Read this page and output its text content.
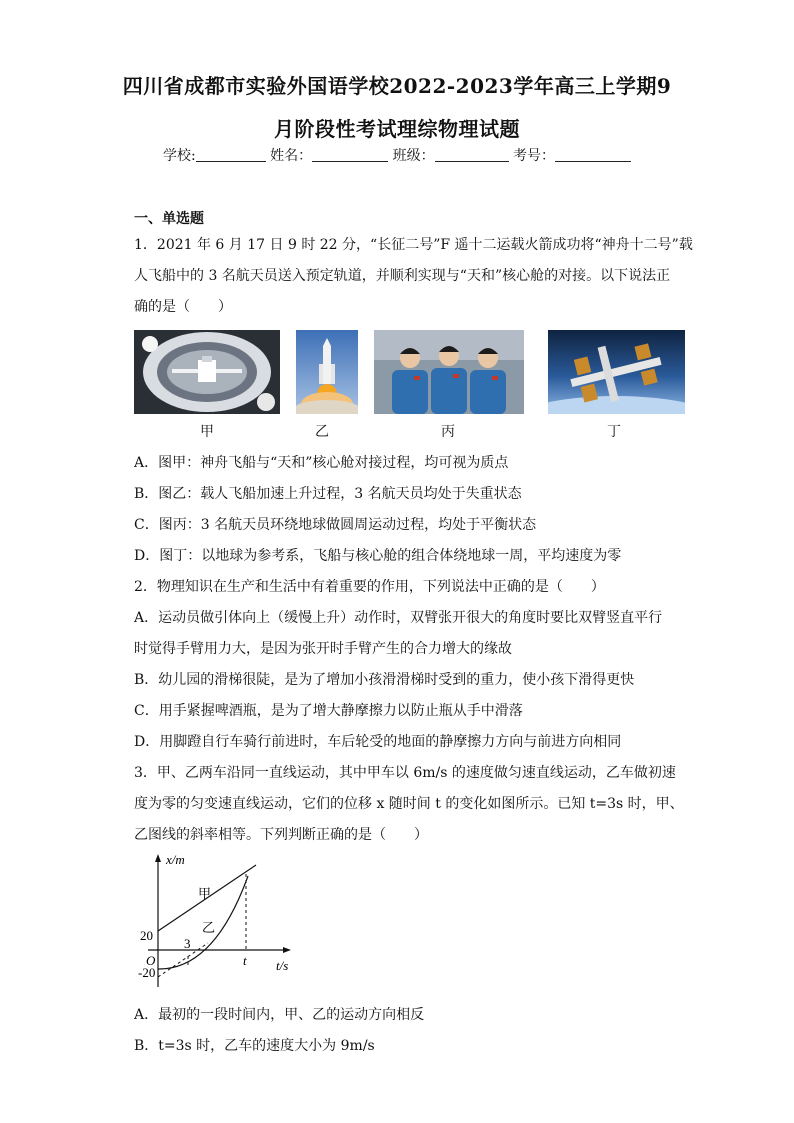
四川省成都市实验外国语学校2022-2023学年高三上学期9
月阶段性考试理综物理试题
学校:	姓名：	班级：	考号：
一、单选题
1．2021 年 6 月 17 日 9 时 22 分，“长征二号”F 遥十二运载火箭成功将“神舟十二号”载
人飞船中的 3 名航天员送入预定轨道，并顺利实现与“天和”核心舱的对接。以下说法正
确的是（　　）
甲	乙	丙	丁
A．图甲：神舟飞船与“天和”核心舱对接过程，均可视为质点
B．图乙：载人飞船加速上升过程，3 名航天员均处于失重状态
C．图丙：3 名航天员环绕地球做圆周运动过程，均处于平衡状态
D．图丁：以地球为参考系，飞船与核心舱的组合体绕地球一周，平均速度为零
2．物理知识在生产和生活中有着重要的作用，下列说法中正确的是（　　）
A．运动员做引体向上（缓慢上升）动作时，双臂张开很大的角度时要比双臂竖直平行
时觉得手臂用力大，是因为张开时手臂产生的合力增大的缘故
B．幼儿园的滑梯很陡，是为了增加小孩滑滑梯时受到的重力，使小孩下滑得更快
C．用手紧握啤酒瓶，是为了增大静摩擦力以防止瓶从手中滑落
D．用脚蹬自行车骑行前进时，车后轮受的地面的静摩擦力方向与前进方向相同
3．甲、乙两车沿同一直线运动，其中甲车以 6m/s 的速度做匀速直线运动，乙车做初速
度为零的匀变速直线运动，它们的位移 x 随时间 t 的变化如图所示。已知 t=3s 时，甲、
乙图线的斜率相等。下列判断正确的是（　　）
x/m
t/s
O
甲
乙
20
-20
3
t
A．最初的一段时间内，甲、乙的运动方向相反
B．t=3s 时，乙车的速度大小为 9m/s
